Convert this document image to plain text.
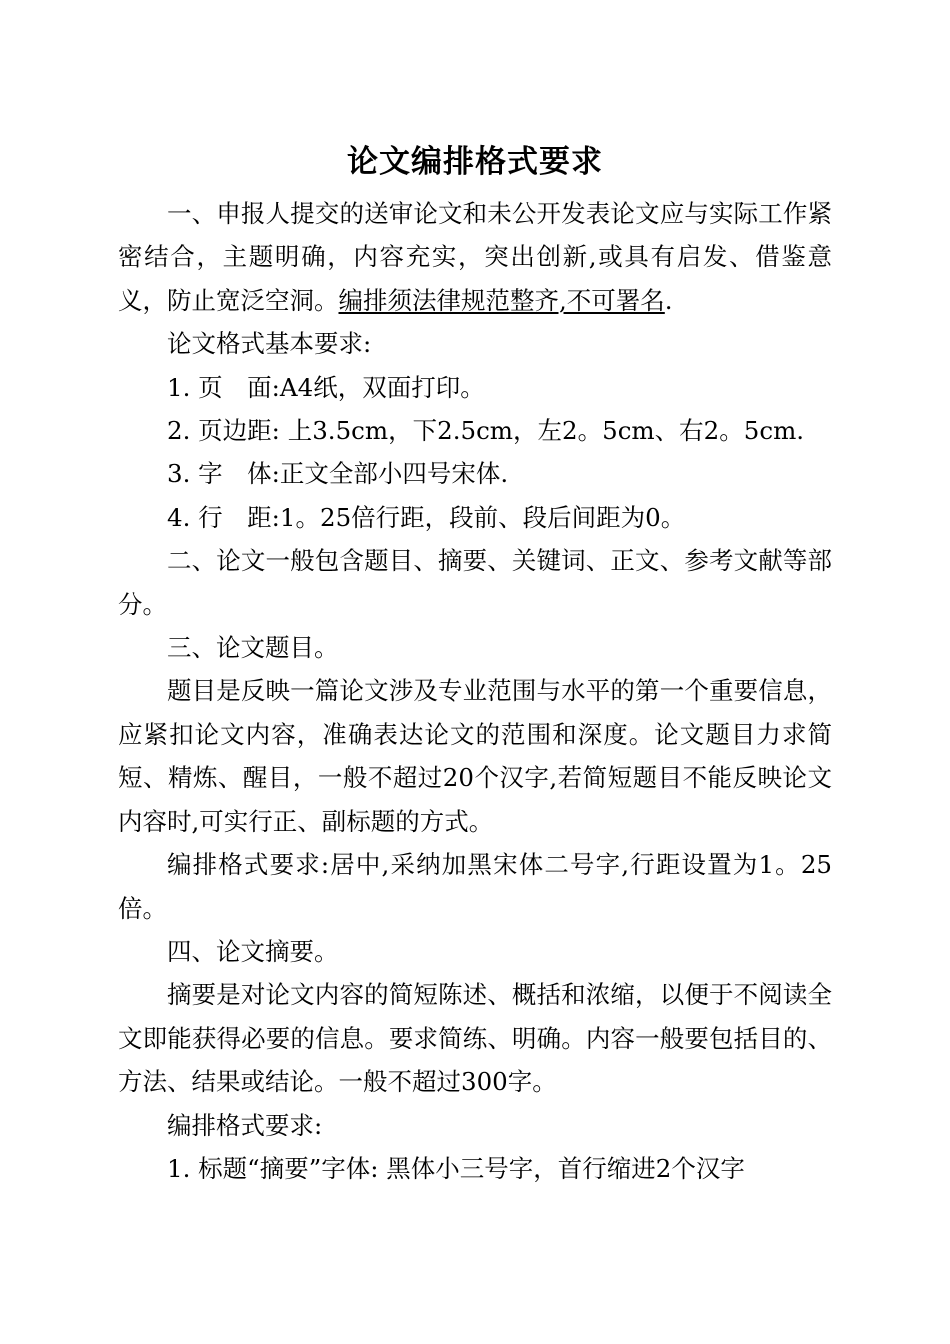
论文编排格式要求

一、申报人提交的送审论文和未公开发表论文应与实际工作紧密结合，主题明确，内容充实，突出创新,或具有启发、借鉴意义，防止宽泛空洞。编排须法律规范整齐,不可署名.

论文格式基本要求:

1. 页　面:A4纸，双面打印。

2. 页边距: 上3.5cm，下2.5cm，左2。5cm、右2。5cm.

3. 字　体:正文全部小四号宋体.

4. 行　距:1。25倍行距，段前、段后间距为0。

二、论文一般包含题目、摘要、关键词、正文、参考文献等部分。

三、论文题目。

题目是反映一篇论文涉及专业范围与水平的第一个重要信息，应紧扣论文内容，准确表达论文的范围和深度。论文题目力求简短、精炼、醒目，一般不超过20个汉字,若简短题目不能反映论文内容时,可实行正、副标题的方式。

编排格式要求:居中,采纳加黑宋体二号字,行距设置为1。25倍。

四、论文摘要。

摘要是对论文内容的简短陈述、概括和浓缩，以便于不阅读全文即能获得必要的信息。要求简练、明确。内容一般要包括目的、方法、结果或结论。一般不超过300字。

编排格式要求:

1. 标题“摘要”字体: 黑体小三号字，首行缩进2个汉字
